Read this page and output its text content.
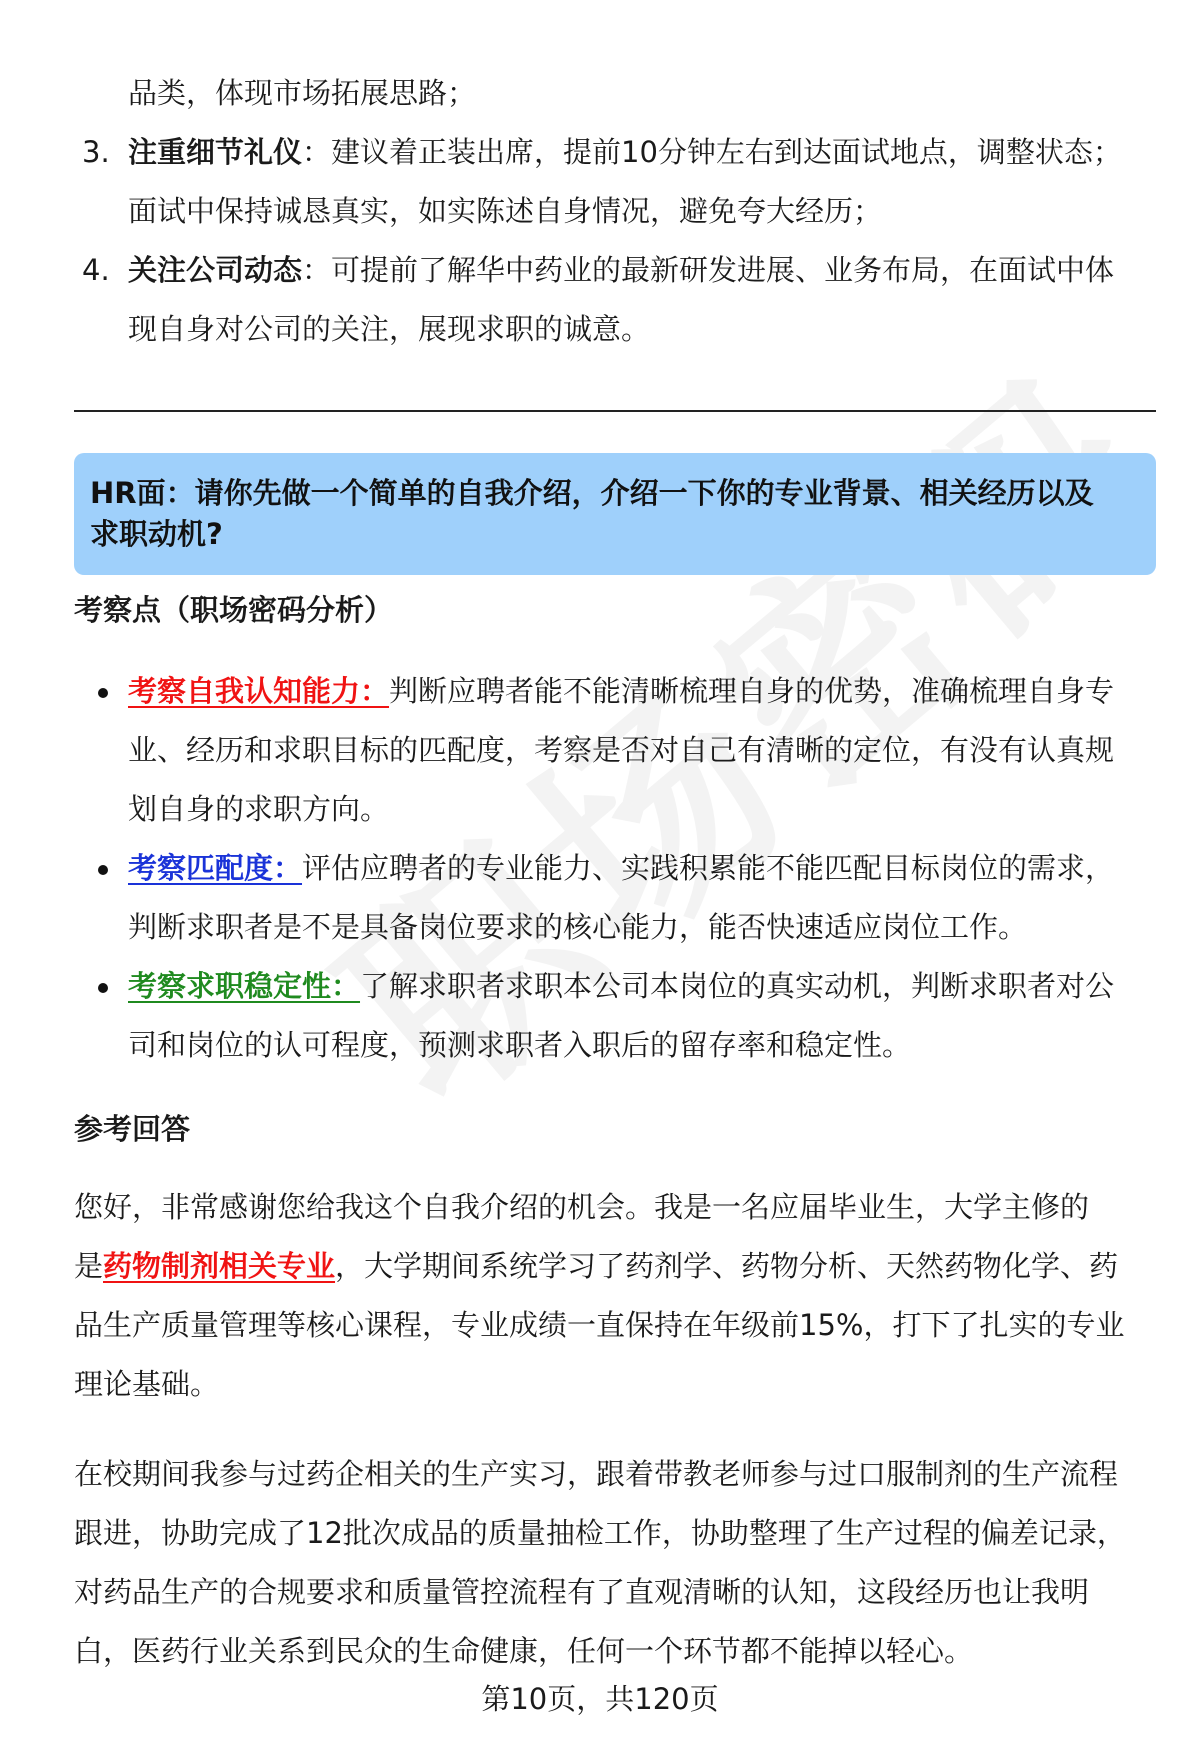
品类，体现市场拓展思路；
3. 注重细节礼仪：建议着正装出席，提前10分钟左右到达面试地点，调整状态；
面试中保持诚恳真实，如实陈述自身情况，避免夸大经历；
4. 关注公司动态：可提前了解华中药业的最新研发进展、业务布局，在面试中体
现自身对公司的关注，展现求职的诚意。
HR面：请你先做一个简单的自我介绍，介绍一下你的专业背景、相关经历以及
求职动机?
考察点（职场密码分析）
考察自我认知能力：判断应聘者能不能清晰梳理自身的优势，准确梳理自身专
业、经历和求职目标的匹配度，考察是否对自己有清晰的定位，有没有认真规
划自身的求职方向。
考察匹配度：评估应聘者的专业能力、实践积累能不能匹配目标岗位的需求，
判断求职者是不是具备岗位要求的核心能力，能否快速适应岗位工作。
考察求职稳定性：了解求职者求职本公司本岗位的真实动机，判断求职者对公
司和岗位的认可程度，预测求职者入职后的留存率和稳定性。
参考回答
您好，非常感谢您给我这个自我介绍的机会。我是一名应届毕业生，大学主修的
是药物制剂相关专业，大学期间系统学习了药剂学、药物分析、天然药物化学、药
品生产质量管理等核心课程，专业成绩一直保持在年级前15%，打下了扎实的专业
理论基础。
在校期间我参与过药企相关的生产实习，跟着带教老师参与过口服制剂的生产流程
跟进，协助完成了12批次成品的质量抽检工作，协助整理了生产过程的偏差记录，
对药品生产的合规要求和质量管控流程有了直观清晰的认知，这段经历也让我明
白，医药行业关系到民众的生命健康，任何一个环节都不能掉以轻心。
第10页，共120页
